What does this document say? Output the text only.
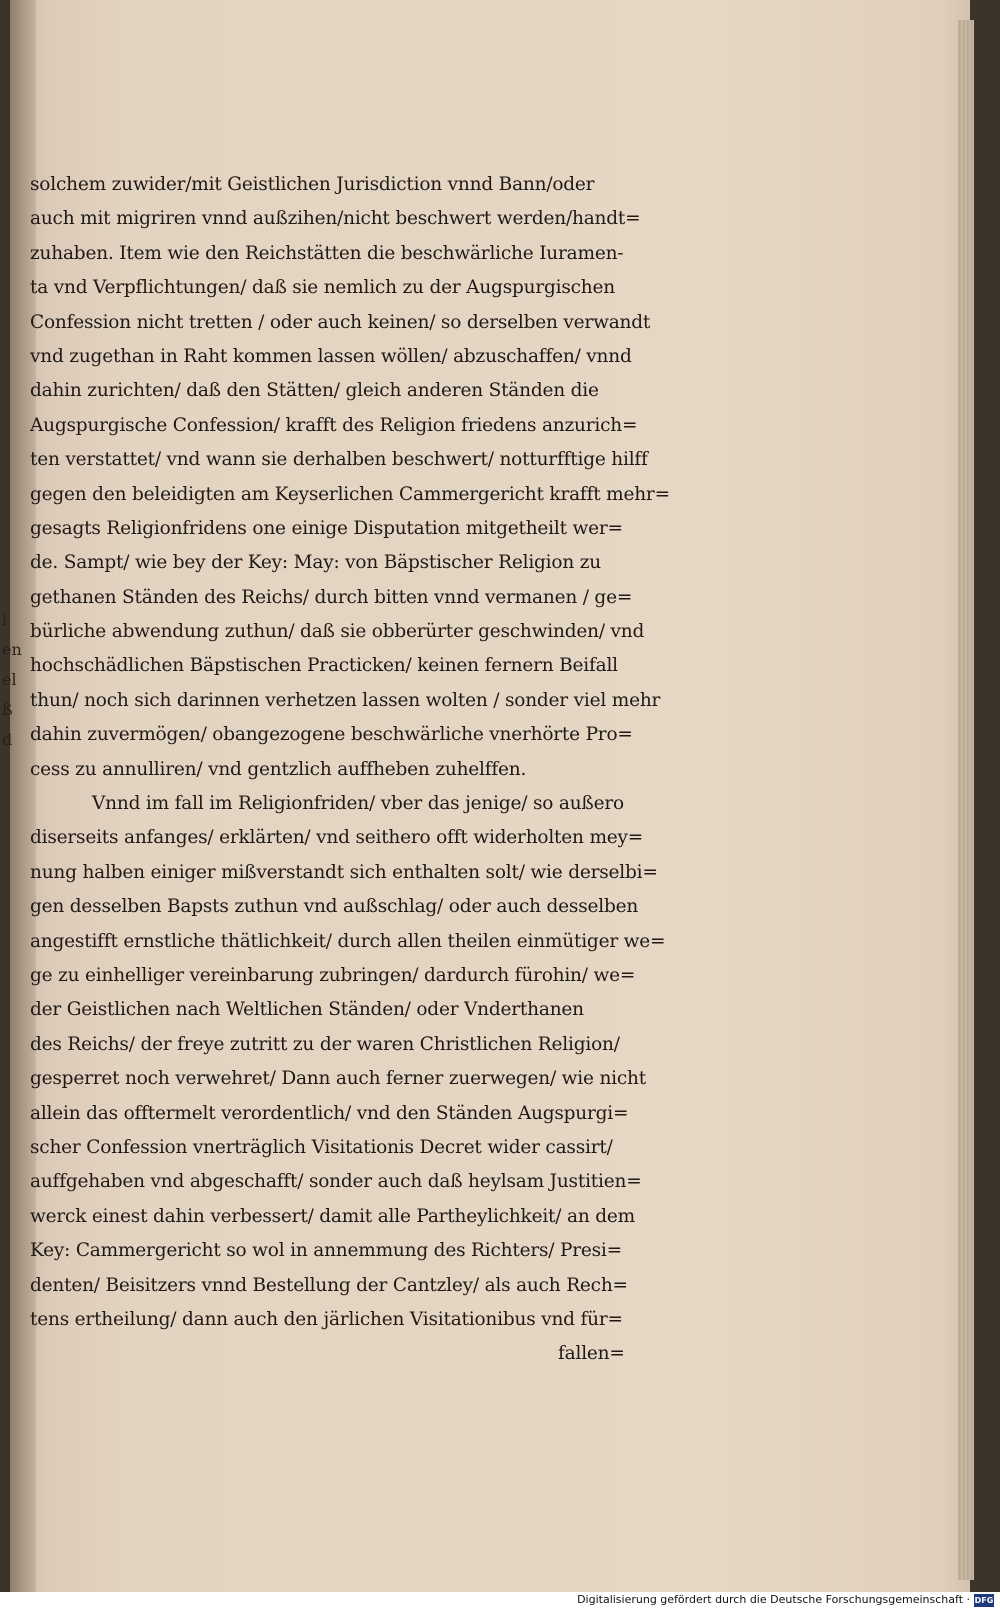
l
en
el
ß
d
solchem zuwider/mit Geistlichen Jurisdiction vnnd Bann/oder
auch mit migriren vnnd außzihen/nicht beschwert werden/handt=
zuhaben. Item wie den Reichstätten die beschwärliche Iuramen-
ta vnd Verpflichtungen/ daß sie nemlich zu der Augspurgischen
Confession nicht tretten / oder auch keinen/ so derselben verwandt
vnd zugethan in Raht kommen lassen wöllen/ abzuschaffen/ vnnd
dahin zurichten/ daß den Stätten/ gleich anderen Ständen die
Augspurgische Confession/ krafft des Religion friedens anzurich=
ten verstattet/ vnd wann sie derhalben beschwert/ notturfftige hilff
gegen den beleidigten am Keyserlichen Cammergericht krafft mehr=
gesagts Religionfridens one einige Disputation mitgetheilt wer=
de. Sampt/ wie bey der Key: May: von Bäpstischer Religion zu
gethanen Ständen des Reichs/ durch bitten vnnd vermanen / ge=
bürliche abwendung zuthun/ daß sie obberürter geschwinden/ vnd
hochschädlichen Bäpstischen Practicken/ keinen fernern Beifall
thun/ noch sich darinnen verhetzen lassen wolten / sonder viel mehr
dahin zuvermögen/ obangezogene beschwärliche vnerhörte Pro=
cess zu annulliren/ vnd gentzlich auffheben zuhelffen.
Vnnd im fall im Religionfriden/ vber das jenige/ so außero
diserseits anfanges/ erklärten/ vnd seithero offt widerholten mey=
nung halben einiger mißverstandt sich enthalten solt/ wie derselbi=
gen desselben Bapsts zuthun vnd außschlag/ oder auch desselben
angestifft ernstliche thätlichkeit/ durch allen theilen einmütiger we=
ge zu einhelliger vereinbarung zubringen/ dardurch fürohin/ we=
der Geistlichen nach Weltlichen Ständen/ oder Vnderthanen
des Reichs/ der freye zutritt zu der waren Christlichen Religion/
gesperret noch verwehret/ Dann auch ferner zuerwegen/ wie nicht
allein das offtermelt verordentlich/ vnd den Ständen Augspurgi=
scher Confession vnerträglich Visitationis Decret wider cassirt/
auffgehaben vnd abgeschafft/ sonder auch daß heylsam Justitien=
werck einest dahin verbessert/ damit alle Partheylichkeit/ an dem
Key: Cammergericht so wol in annemmung des Richters/ Presi=
denten/ Beisitzers vnnd Bestellung der Cantzley/ als auch Rech=
tens ertheilung/ dann auch den järlichen Visitationibus vnd für=
fallen=
Digitalisierung gefördert durch die Deutsche Forschungsgemeinschaft · DFG
